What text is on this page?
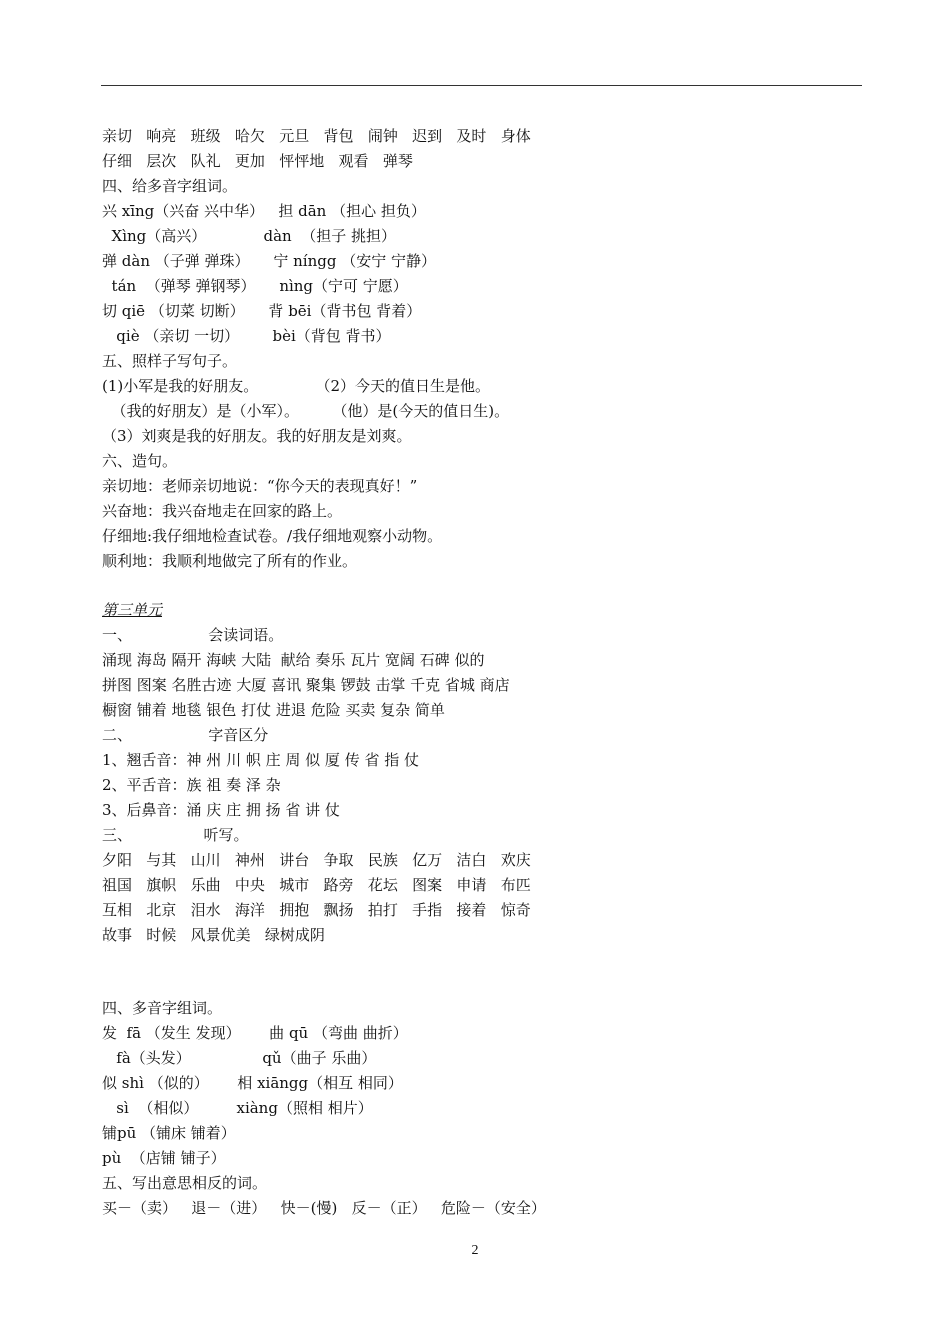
亲切   响亮   班级   哈欠   元旦   背包   闹钟   迟到   及时   身体
仔细   层次   队礼   更加   怦怦地   观看   弹琴
四、给多音字组词。
兴 xīng（兴奋 兴中华）   担 dān （担心 担负）
Xìng（高兴）            dàn  （担子 挑担）
弹 dàn （子弹 弹珠）     宁 níngg （安宁 宁静）
tán  （弹琴 弹钢琴）     nìng（宁可 宁愿）
切 qiē （切菜 切断）     背 bēi（背书包 背着）
qiè （亲切 一切）       bèi（背包 背书）
五、照样子写句子。
(1)小军是我的好朋友。            （2）今天的值日生是他。
（我的好朋友）是（小军）。       （他）是(今天的值日生)。
（3）刘爽是我的好朋友。我的好朋友是刘爽。
六、造句。
亲切地：老师亲切地说：“你今天的表现真好！”
兴奋地：我兴奋地走在回家的路上。
仔细地:我仔细地检查试卷。/我仔细地观察小动物。
顺利地：我顺利地做完了所有的作业。
第三单元
一、                会读词语。
涌现 海岛 隔开 海峡 大陆  献给 奏乐 瓦片 宽阔 石碑 似的
拼图 图案 名胜古迹 大厦 喜讯 聚集 锣鼓 击掌 千克 省城 商店
橱窗 铺着 地毯 银色 打仗 进退 危险 买卖 复杂 简单
二、                字音区分
1、翘舌音：神 州 川 帜 庄 周 似 厦 传 省 指 仗
2、平舌音：族 祖 奏 泽 杂
3、后鼻音：涌 庆 庄 拥 扬 省 讲 仗
三、               听写。
夕阳   与其   山川   神州   讲台   争取   民族   亿万   洁白   欢庆
祖国   旗帜   乐曲   中央   城市   路旁   花坛   图案   申请   布匹
互相   北京   泪水   海洋   拥抱   飘扬   拍打   手指   接着   惊奇
故事   时候   风景优美   绿树成阴
四、多音字组词。
发  fā （发生 发现）      曲 qū （弯曲 曲折）
fà（头发）               qǔ（曲子 乐曲）
似 shì （似的）      相 xiāngg（相互 相同）
sì  （相似）        xiàng（照相 相片）
铺pū （铺床 铺着）
pù  （店铺 铺子）
五、写出意思相反的词。
买－（卖）   退－（进）   快－(慢)   反－（正）   危险－（安全）
2
